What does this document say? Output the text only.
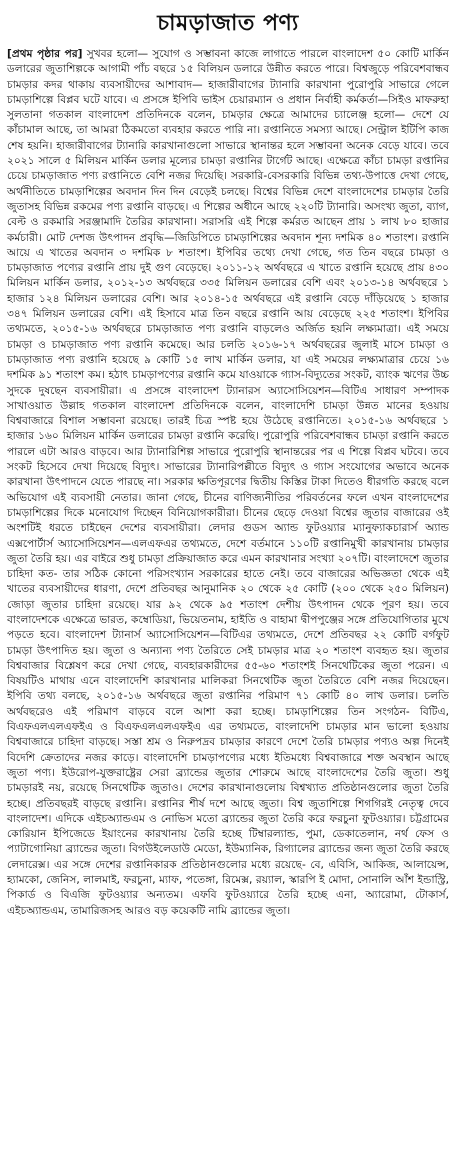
চামড়াজাত পণ্য

[প্রথম পৃষ্ঠার পর] সুখবর হলো— সুযোগ ও সম্ভাবনা কাজে লাগাতে পারলে বাংলাদেশ ৫০ কোটি মার্কিন ডলারের জুতাশিল্পকে আগামী পাঁচ বছরে ১৫ বিলিয়ন ডলারে উন্নীত করতে পারে। বিশ্বজুড়ে পরিবেশবান্ধব চামড়ার কদর থাকায় ব্যবসায়ীদের আশাবাদ— হাজারীবাগের ট্যানারি কারখানা পুরোপুরি সাভারে গেলে চামড়াশিল্পে বিপ্লব ঘটে যাবে। এ প্রসঙ্গে ইপিবি ভাইস চেয়ারম্যান ও প্রধান নির্বাহী কর্মকর্তা—সিইও মাফরুহা সুলতানা গতকাল বাংলাদেশ প্রতিদিনকে বলেন, চামড়ার ক্ষেত্রে আমাদের চ্যালেঞ্জ হলো— দেশে যে কাঁচামাল আছে, তা আমরা ঠিকমতো ব্যবহার করতে পারি না। রপ্তানিতে সমস্যা আছে। সেন্ট্রাল ইটিপি কাজ শেষ হয়নি। হাজারীবাগের ট্যানারি কারখানাগুলো সাভারে স্থানান্তর হলে সম্ভাবনা অনেক বেড়ে যাবে। তবে ২০২১ সালে ৫ মিলিয়ন মার্কিন ডলার মূল্যের চামড়া রপ্তানির টার্গেট আছে। এক্ষেত্রে কাঁচা চামড়া রপ্তানির চেয়ে চামড়াজাত পণ্য রপ্তানিতে বেশি নজর দিয়েছি। সরকারি-বেসরকারি বিভিন্ন তথ্য-উপাত্তে দেখা গেছে, অর্থনীতিতে চামড়াশিল্পের অবদান দিন দিন বেড়েই চলছে। বিশ্বের বিভিন্ন দেশে বাংলাদেশের চামড়ার তৈরি জুতাসহ বিভিন্ন রকমের পণ্য রপ্তানি বাড়ছে। এ শিল্পের অধীনে আছে ২২০টি ট্যানারি। অসংখ্য জুতা, ব্যাগ, বেল্ট ও রকমারি সরঞ্জামাদি তৈরির কারখানা। সরাসরি এই শিল্পে কর্মরত আছেন প্রায় ১ লাখ ৮০ হাজার কর্মচারী। মোট দেশজ উৎপাদন প্রবৃদ্ধি—জিডিপিতে চামড়াশিল্পের অবদান শূন্য দশমিক ৪০ শতাংশ। রপ্তানি আয়ে এ খাতের অবদান ৩ দশমিক ৮ শতাংশ। ইপিবির তথ্যে দেখা গেছে, গত তিন বছরে চামড়া ও চামড়াজাত পণ্যের রপ্তানি প্রায় দুই গুণ বেড়েছে। ২০১১-১২ অর্থবছরে এ খাতে রপ্তানি হয়েছে প্রায় ৪৩০ মিলিয়ন মার্কিন ডলার, ২০১২-১৩ অর্থবছরে ৩৩৫ মিলিয়ন ডলারের বেশি এবং ২০১৩-১৪ অর্থবছরে ১ হাজার ১২৪ মিলিয়ন ডলারের বেশি। আর ২০১৪-১৫ অর্থবছরে এই রপ্তানি বেড়ে দাঁড়িয়েছে ১ হাজার ৩৪৭ মিলিয়ন ডলারের বেশি। এই হিসাবে মাত্র তিন বছরে রপ্তানি আয় বেড়েছে ২২৫ শতাংশ। ইপিবির তথ্যমতে, ২০১৫-১৬ অর্থবছরে চামড়াজাত পণ্য রপ্তানি বাড়লেও অর্জিত হয়নি লক্ষ্যমাত্রা। এই সময়ে চামড়া ও চামড়াজাত পণ্য রপ্তানি কমেছে। আর চলতি ২০১৬-১৭ অর্থবছরের জুলাই মাসে চামড়া ও চামড়াজাত পণ্য রপ্তানি হয়েছে ৯ কোটি ১৫ লাখ মার্কিন ডলার, যা এই সময়ের লক্ষ্যমাত্রার চেয়ে ১৬ দশমিক ৯১ শতাংশ কম। হঠাৎ চামড়াপণ্যের রপ্তানি কমে যাওয়াকে গ্যাস-বিদ্যুতের সংকট, ব্যাংক ঋণের উচ্চ সুদকে দুষছেন ব্যবসায়ীরা। এ প্রসঙ্গে বাংলাদেশ ট্যানারস অ্যাসোসিয়েশন—বিটিএ সাধারণ সম্পাদক সাখাওয়াত উল্লাহ গতকাল বাংলাদেশ প্রতিদিনকে বলেন, বাংলাদেশি চামড়া উন্নত মানের হওয়ায় বিশ্ববাজারে বিশাল সম্ভাবনা রয়েছে। তারই চিত্র স্পষ্ট হয়ে উঠেছে রপ্তানিতে। ২০১৫-১৬ অর্থবছরে ১ হাজার ১৬০ মিলিয়ন মার্কিন ডলারের চামড়া রপ্তানি করেছি। পুরোপুরি পরিবেশবান্ধব চামড়া রপ্তানি করতে পারলে এটা আরও বাড়বে। আর ট্যানারিশিল্প সাভারে পুরোপুরি স্থানান্তরের পর এ শিল্পে বিপ্লব ঘটবে। তবে সংকট হিসেবে দেখা দিয়েছে বিদ্যুৎ। সাভারের ট্যানারিপল্লীতে বিদ্যুৎ ও গ্যাস সংযোগের অভাবে অনেক কারখানা উৎপাদনে যেতে পারছে না। সরকার ক্ষতিপূরণের দ্বিতীয় কিস্তির টাকা দিতেও ধীরগতি করছে বলে অভিযোগ এই ব্যবসায়ী নেতার। জানা গেছে, চীনের বাণিজ্যনীতির পরিবর্তনের ফলে এখন বাংলাদেশের চামড়াশিল্পের দিকে মনোযোগ দিচ্ছেন বিনিয়োগকারীরা। চীনের ছেড়ে দেওয়া বিশ্বের জুতার বাজারের ওই অংশটিই ধরতে চাইছেন দেশের ব্যবসায়ীরা। লেদার গুডস অ্যান্ড ফুটওয়্যার ম্যানুফ্যাকচারার্স অ্যান্ড এক্সপোর্টার্স অ্যাসোসিয়েশন—এলএফএর তথ্যমতে, দেশে বর্তমানে ১১০টি রপ্তানিমুখী কারখানায় চামড়ার জুতা তৈরি হয়। এর বাইরে শুধু চামড়া প্রক্রিয়াজাত করে এমন কারখানার সংখ্যা ২০৭টি। বাংলাদেশে জুতার চাহিদা কত- তার সঠিক কোনো পরিসংখ্যান সরকারের হাতে নেই। তবে বাজারের অভিজ্ঞতা থেকে এই খাতের ব্যবসায়ীদের ধারণা, দেশে প্রতিবছর আনুমানিক ২০ থেকে ২৫ কোটি (২০০ থেকে ২৫০ মিলিয়ন) জোড়া জুতার চাহিদা রয়েছে। যার ৯২ থেকে ৯৫ শতাংশ দেশীয় উৎপাদন থেকে পূরণ হয়। তবে বাংলাদেশকে এক্ষেত্রে ভারত, কম্বোডিয়া, ভিয়েতনাম, হাইতি ও বাহামা দ্বীপপুঞ্জের সঙ্গে প্রতিযোগিতার মুখে পড়তে হবে। বাংলাদেশ ট্যানার্স অ্যাসোসিয়েশন—বিটিএর তথ্যমতে, দেশে প্রতিবছর ২২ কোটি বর্গফুট চামড়া উৎপাদিত হয়। জুতা ও অন্যান্য পণ্য তৈরিতে সেই চামড়ার মাত্র ২০ শতাংশ ব্যবহৃত হয়। জুতার বিশ্ববাজার বিশ্লেষণ করে দেখা গেছে, ব্যবহারকারীদের ৫৫-৬০ শতাংশই সিনথেটিকের জুতা পরেন। এ বিষয়টিও মাথায় এনে বাংলাদেশি কারখানার মালিকরা সিনথেটিক জুতা তৈরিতে বেশি নজর দিয়েছেন। ইপিবি তথ্য বলছে, ২০১৫-১৬ অর্থবছরে জুতা রপ্তানির পরিমাণ ৭১ কোটি ৪০ লাখ ডলার। চলতি অর্থবছরেও এই পরিমাণ বাড়বে বলে আশা করা হচ্ছে। চামড়াশিল্পের তিন সংগঠন- বিটিএ, বিএফএলএলএফইএ ও বিএফএলএলএফইএ এর তথ্যমতে, বাংলাদেশি চামড়ার মান ভালো হওয়ায় বিশ্ববাজারে চাহিদা বাড়ছে। সস্তা শ্রম ও নিরুপদ্রব চামড়ার কারণে দেশে তৈরি চামড়ার পণ্যও অল্প দিনেই বিদেশি ক্রেতাদের নজর কাড়ে। বাংলাদেশি চামড়াপণ্যের মধ্যে ইতিমধ্যে বিশ্ববাজারে শক্ত অবস্থান আছে জুতা পণ্য। ইউরোপ-যুক্তরাষ্ট্রের সেরা ব্র্যান্ডের জুতার শোরুমে আছে বাংলাদেশের তৈরি জুতা। শুধু চামড়ারই নয়, রয়েছে সিনথেটিক জুতাও। দেশের কারখানাগুলোয় বিশ্বখ্যাত প্রতিষ্ঠানগুলোর জুতা তৈরি হচ্ছে। প্রতিবছরই বাড়ছে রপ্তানি। রপ্তানির শীর্ষ দশে আছে জুতা। বিশ্ব জুতাশিল্পে শিগগিরই নেতৃত্ব দেবে বাংলাদেশ। এদিকে এইচঅ্যান্ডএম ও নোভিস মতো ব্র্যান্ডের জুতা তৈরি করে ফরচুনা ফুটওয়্যার। চট্টগ্রামের কোরিয়ান ইপিজেডে ইয়াংনের কারখানায় তৈরি হচ্ছে টিম্বারল্যান্ড, পুমা, ডেকাতেলান, নর্থ ফেস ও প্যাটাগোনিয়া ব্র্যান্ডের জুতা। বিগউইলেডাউ মেডো, ইউম্যানিক, রিগ্যালের ব্র্যান্ডের জন্য জুতা তৈরি করছে লেদারেক্স। এর সঙ্গে দেশের রপ্তানিকারক প্রতিষ্ঠানগুলোর মধ্যে রয়েছে- বে, এবিসি, আকিজ, আলায়েন্স, হ্যামকো, জেনিস, লালমাই, ফরচুনা, ম্যাফ, পতেঙ্গা, রিমেক্স, রয়্যাল, স্কারপি ই মোদা, সোনালি আঁশ ইন্ডাস্ট্রি, পিকার্ড ও বিএজি ফুটওয়্যার অন্যতম। এফবি ফুটওয়্যারে তৈরি হচ্ছে এনা, অ্যারোমা, টোকার্স, এইচঅ্যান্ডএম, তামারিজসহ আরও বড় কয়েকটি নামি ব্র্যান্ডের জুতা।
